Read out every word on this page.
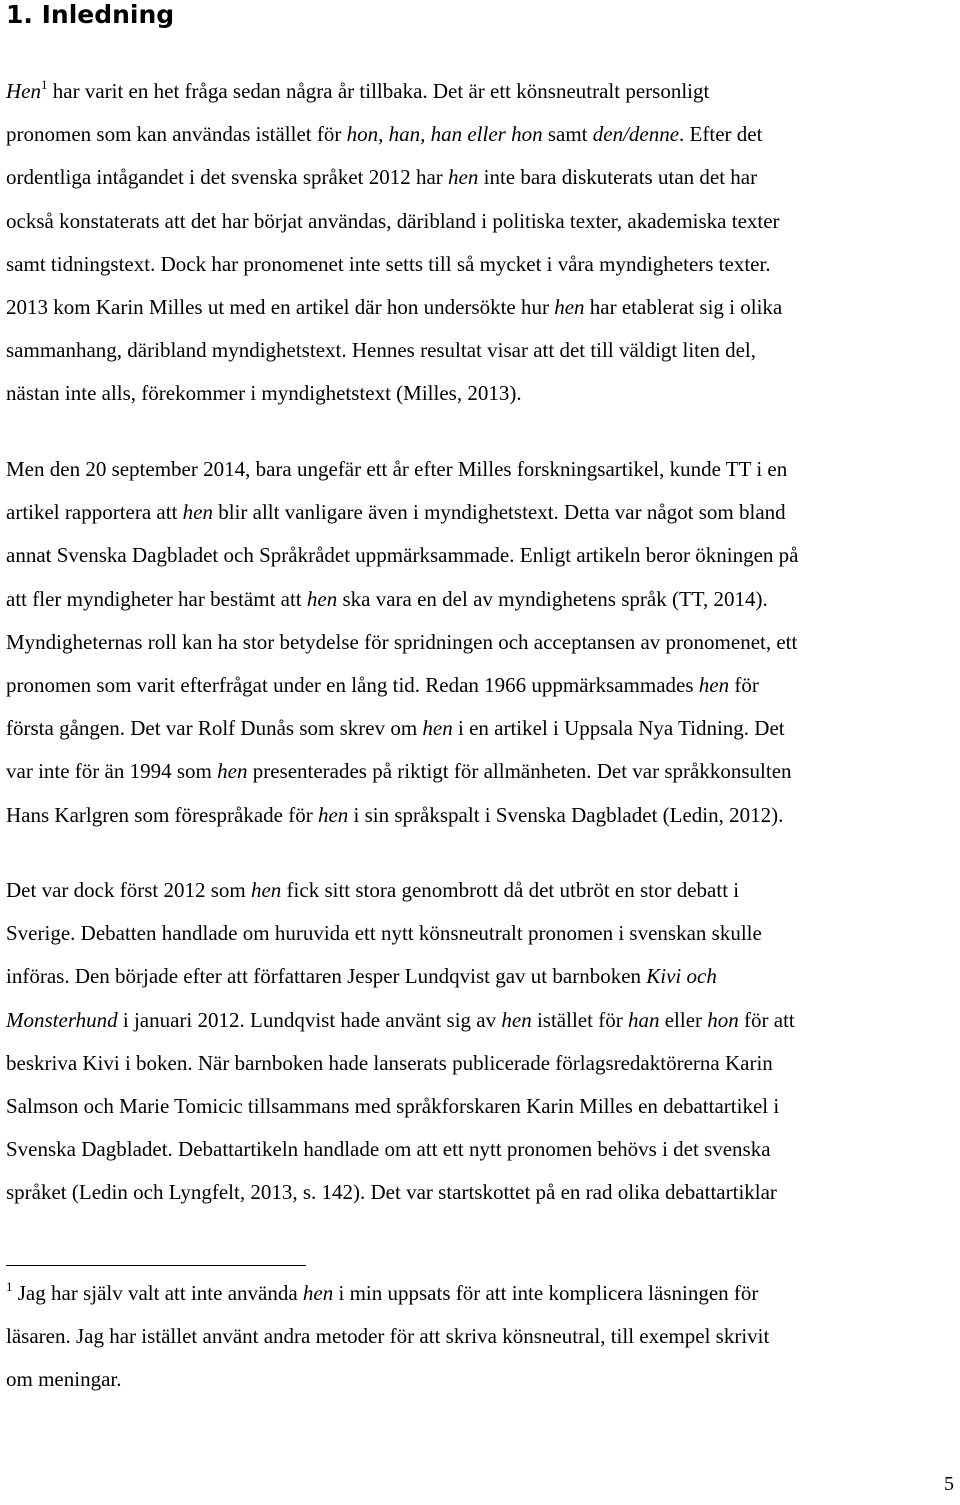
1. Inledning
Hen$^1$ har varit en het fråga sedan några år tillbaka. Det är ett könsneutralt personligt
pronomen som kan användas istället för hon, han, han eller hon samt den/denne. Efter det
ordentliga intågandet i det svenska språket 2012 har hen inte bara diskuterats utan det har
också konstaterats att det har börjat användas, däribland i politiska texter, akademiska texter
samt tidningstext. Dock har pronomenet inte setts till så mycket i våra myndigheters texter.
2013 kom Karin Milles ut med en artikel där hon undersökte hur hen har etablerat sig i olika
sammanhang, däribland myndighetstext. Hennes resultat visar att det till väldigt liten del,
nästan inte alls, förekommer i myndighetstext (Milles, 2013).
Men den 20 september 2014, bara ungefär ett år efter Milles forskningsartikel, kunde TT i en
artikel rapportera att hen blir allt vanligare även i myndighetstext. Detta var något som bland
annat Svenska Dagbladet och Språkrådet uppmärksammade. Enligt artikeln beror ökningen på
att fler myndigheter har bestämt att hen ska vara en del av myndighetens språk (TT, 2014).
Myndigheternas roll kan ha stor betydelse för spridningen och acceptansen av pronomenet, ett
pronomen som varit efterfrågat under en lång tid. Redan 1966 uppmärksammades hen för
första gången. Det var Rolf Dunås som skrev om hen i en artikel i Uppsala Nya Tidning. Det
var inte för än 1994 som hen presenterades på riktigt för allmänheten. Det var språkkonsulten
Hans Karlgren som förespråkade för hen i sin språkspalt i Svenska Dagbladet (Ledin, 2012).
Det var dock först 2012 som hen fick sitt stora genombrott då det utbröt en stor debatt i
Sverige. Debatten handlade om huruvida ett nytt könsneutralt pronomen i svenskan skulle
införas. Den började efter att författaren Jesper Lundqvist gav ut barnboken Kivi och
Monsterhund i januari 2012. Lundqvist hade använt sig av hen istället för han eller hon för att
beskriva Kivi i boken. När barnboken hade lanserats publicerade förlagsredaktörerna Karin
Salmson och Marie Tomicic tillsammans med språkforskaren Karin Milles en debattartikel i
Svenska Dagbladet. Debattartikeln handlade om att ett nytt pronomen behövs i det svenska
språket (Ledin och Lyngfelt, 2013, s. 142). Det var startskottet på en rad olika debattartiklar
$^1$ Jag har själv valt att inte använda hen i min uppsats för att inte komplicera läsningen för
läsaren. Jag har istället använt andra metoder för att skriva könsneutral, till exempel skrivit
om meningar.
5
